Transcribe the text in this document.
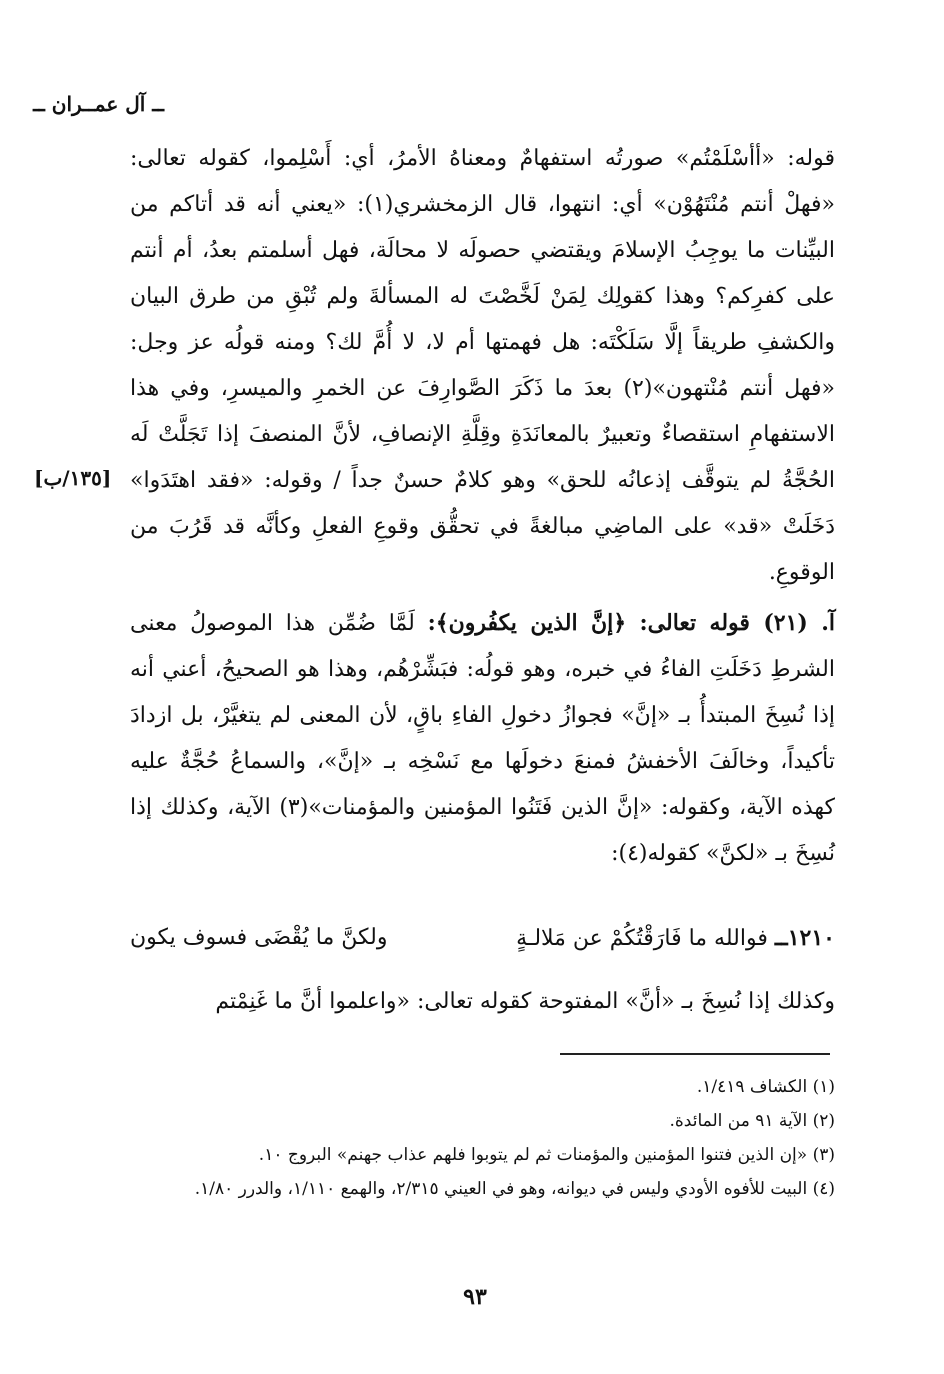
ــ آل عمــران ــ

قوله: «أأسْلَمْتُم» صورتُه استفهامٌ ومعناهُ الأمرُ، أي: أَسْلِموا، كقوله تعالى: «فهلْ أنتم مُنْتَهُوْن» أي: انتهوا، قال الزمخشري(١): «يعني أنه قد أتاكم من البيِّنات ما يوجِبُ الإسلامَ ويقتضي حصولَه لا محالَة، فهل أسلمتم بعدُ، أم أنتم على كفرِكم؟ وهذا كقولِك لِمَنْ لَخَّصْتَ له المسألةَ ولم تُبْقِ من طرق البيان والكشفِ طريقاً إلَّا سَلَكْتَه: هل فهمتها أم لا، لا أُمَّ لك؟ ومنه قولُه عز وجل: «فهل أنتم مُنْتهون»(٢) بعدَ ما ذَكَرَ الصَّوارِفَ عن الخمرِ والميسرِ، وفي هذا الاستفهامِ استقصاءٌ وتعبيرٌ بالمعانَدَةِ وقِلَّةِ الإنصافِ، لأنَّ المنصفَ إذا تَجَلَّتْ لَه الحُجَّةُ لم يتوقَّف إذعانُه للحق» وهو كلامٌ حسنٌ جداً / وقوله: «فقد اهتَدَوا» دَخَلَتْ «قد» على الماضِي مبالغةً في تحقُّق وقوعِ الفعلِ وكأنَّه قد قَرُبَ من الوقوعِ.

آ. (٢١) قوله تعالى: ﴿إنَّ الذين يكفُرون﴾: لَمَّا ضُمِّن هذا الموصولُ معنى الشرطِ دَخَلَتِ الفاءُ في خبره، وهو قولُه: فبَشِّرْهُم، وهذا هو الصحيحُ، أعني أنه إذا نُسِخَ المبتدأُ بـ «إنَّ» فجوازُ دخولِ الفاءِ باقٍ، لأن المعنى لم يتغيَّرْ، بل ازدادَ تأكيداً، وخالَفَ الأخفشُ فمنعَ دخولَها مع نَسْخِه بـ «إنَّ»، والسماعُ حُجَّةٌ عليه كهذه الآية، وكقوله: «إنَّ الذين فَتَنُوا المؤمنين والمؤمنات»(٣) الآية، وكذلك إذا نُسِخَ بـ «لكنَّ» كقوله(٤):

[١٣٥/ب]
١٢١٠ــ فوالله ما فَارَقْتُكُمْ عن مَلالـةٍ
ولكنَّ ما يُقْضَى فسوف يكون
وكذلك إذا نُسِخَ بـ «أنَّ» المفتوحة كقوله تعالى: «واعلموا أنَّ ما غَنِمْتم
(١) الكشاف ١/٤١٩.
(٢) الآية ٩١ من المائدة.
(٣) «إن الذين فتنوا المؤمنين والمؤمنات ثم لم يتوبوا فلهم عذاب جهنم» البروج ١٠.
(٤) البيت للأفوه الأودي وليس في ديوانه، وهو في العيني ٢/٣١٥، والهمع ١/١١٠، والدرر ١/٨٠.
٩٣
